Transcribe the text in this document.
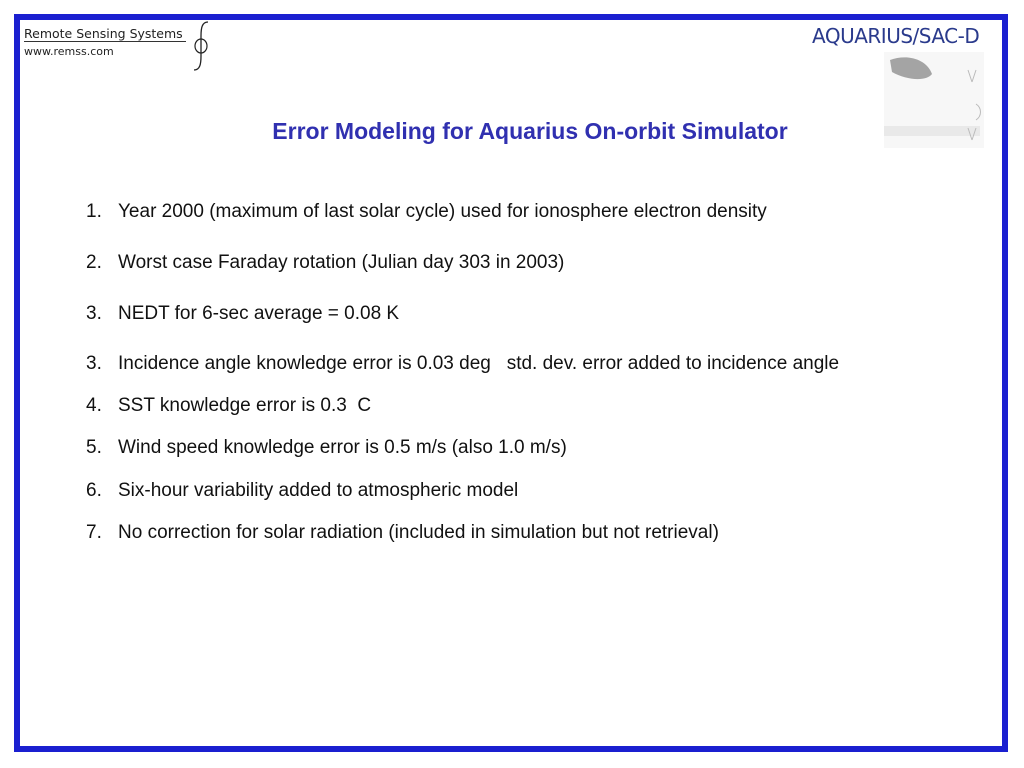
Remote Sensing Systems
www.remss.com
AQUARIUS/SAC-D
Error Modeling for Aquarius On-orbit Simulator
1. Year 2000 (maximum of last solar cycle) used for ionosphere electron density
2. Worst case Faraday rotation (Julian day 303 in 2003)
3. NEDT for 6-sec average = 0.08 K
3. Incidence angle knowledge error is 0.03 deg   std. dev. error added to incidence angle
4. SST knowledge error is 0.3  C
5. Wind speed knowledge error is 0.5 m/s (also 1.0 m/s)
6. Six-hour variability added to atmospheric model
7. No correction for solar radiation (included in simulation but not retrieval)
